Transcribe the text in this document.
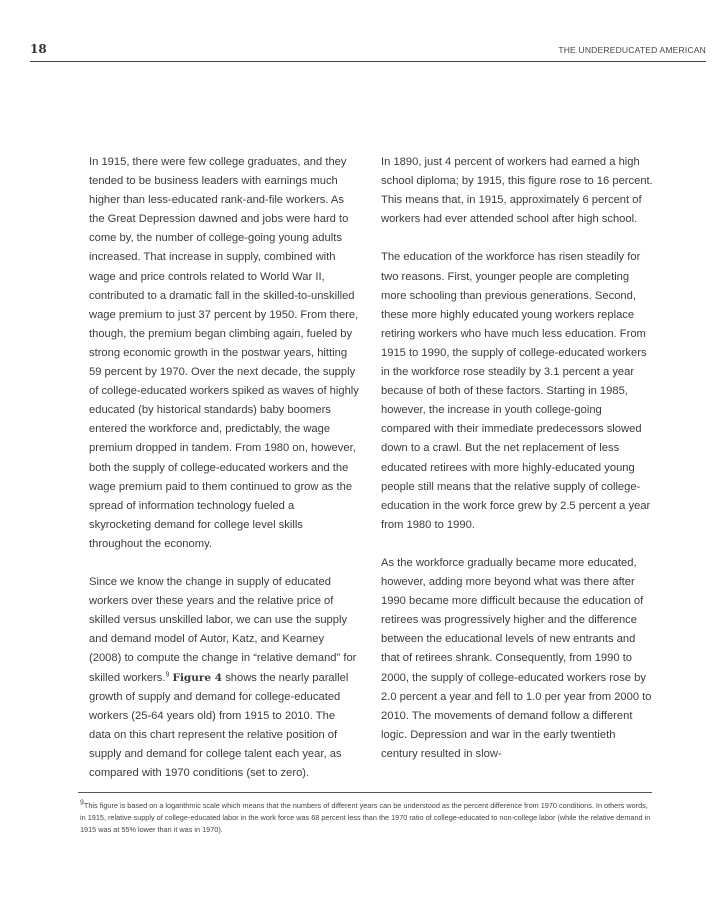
18	THE UNDEREDUCATED AMERICAN

In 1915, there were few college graduates, and they tended to be business leaders with earnings much higher than less-educated rank-and-file workers. As the Great Depression dawned and jobs were hard to come by, the number of college-going young adults increased. That increase in supply, combined with wage and price controls related to World War II, contributed to a dramatic fall in the skilled-to-unskilled wage premium to just 37 percent by 1950. From there, though, the premium began climbing again, fueled by strong economic growth in the postwar years, hitting 59 percent by 1970. Over the next decade, the supply of college-educated workers spiked as waves of highly educated (by historical standards) baby boomers entered the workforce and, predictably, the wage premium dropped in tandem. From 1980 on, however, both the supply of college-educated workers and the wage premium paid to them continued to grow as the spread of information technology fueled a skyrocketing demand for college level skills throughout the economy.

Since we know the change in supply of educated workers over these years and the relative price of skilled versus unskilled labor, we can use the supply and demand model of Autor, Katz, and Kearney (2008) to compute the change in “relative demand” for skilled workers.$^9$ Figure 4 shows the nearly parallel growth of supply and demand for college-educated workers (25-64 years old) from 1915 to 2010. The data on this chart represent the relative position of supply and demand for college talent each year, as compared with 1970 conditions (set to zero).

In 1890, just 4 percent of workers had earned a high school diploma; by 1915, this figure rose to 16 percent. This means that, in 1915, approximately 6 percent of workers had ever attended school after high school.

The education of the workforce has risen steadily for two reasons. First, younger people are completing more schooling than previous generations. Second, these more highly educated young workers replace retiring workers who have much less education. From 1915 to 1990, the supply of college-educated workers in the workforce rose steadily by 3.1 percent a year because of both of these factors. Starting in 1985, however, the increase in youth college-going compared with their immediate predecessors slowed down to a crawl. But the net replacement of less educated retirees with more highly-educated young people still means that the relative supply of college-education in the work force grew by 2.5 percent a year from 1980 to 1990.

As the workforce gradually became more educated, however, adding more beyond what was there after 1990 became more difficult because the education of retirees was progressively higher and the difference between the educational levels of new entrants and that of retirees shrank. Consequently, from 1990 to 2000, the supply of college-educated workers rose by 2.0 percent a year and fell to 1.0 per year from 2000 to 2010. The movements of demand follow a different logic. Depression and war in the early twentieth century resulted in slow-

9This figure is based on a logarithmic scale which means that the numbers of different years can be understood as the percent difference from 1970 conditions. In others words, in 1915, relative supply of college-educated labor in the work force was 68 percent less than the 1970 ratio of college-educated to non-college labor (while the relative demand in 1915 was at 55% lower than it was in 1970).
